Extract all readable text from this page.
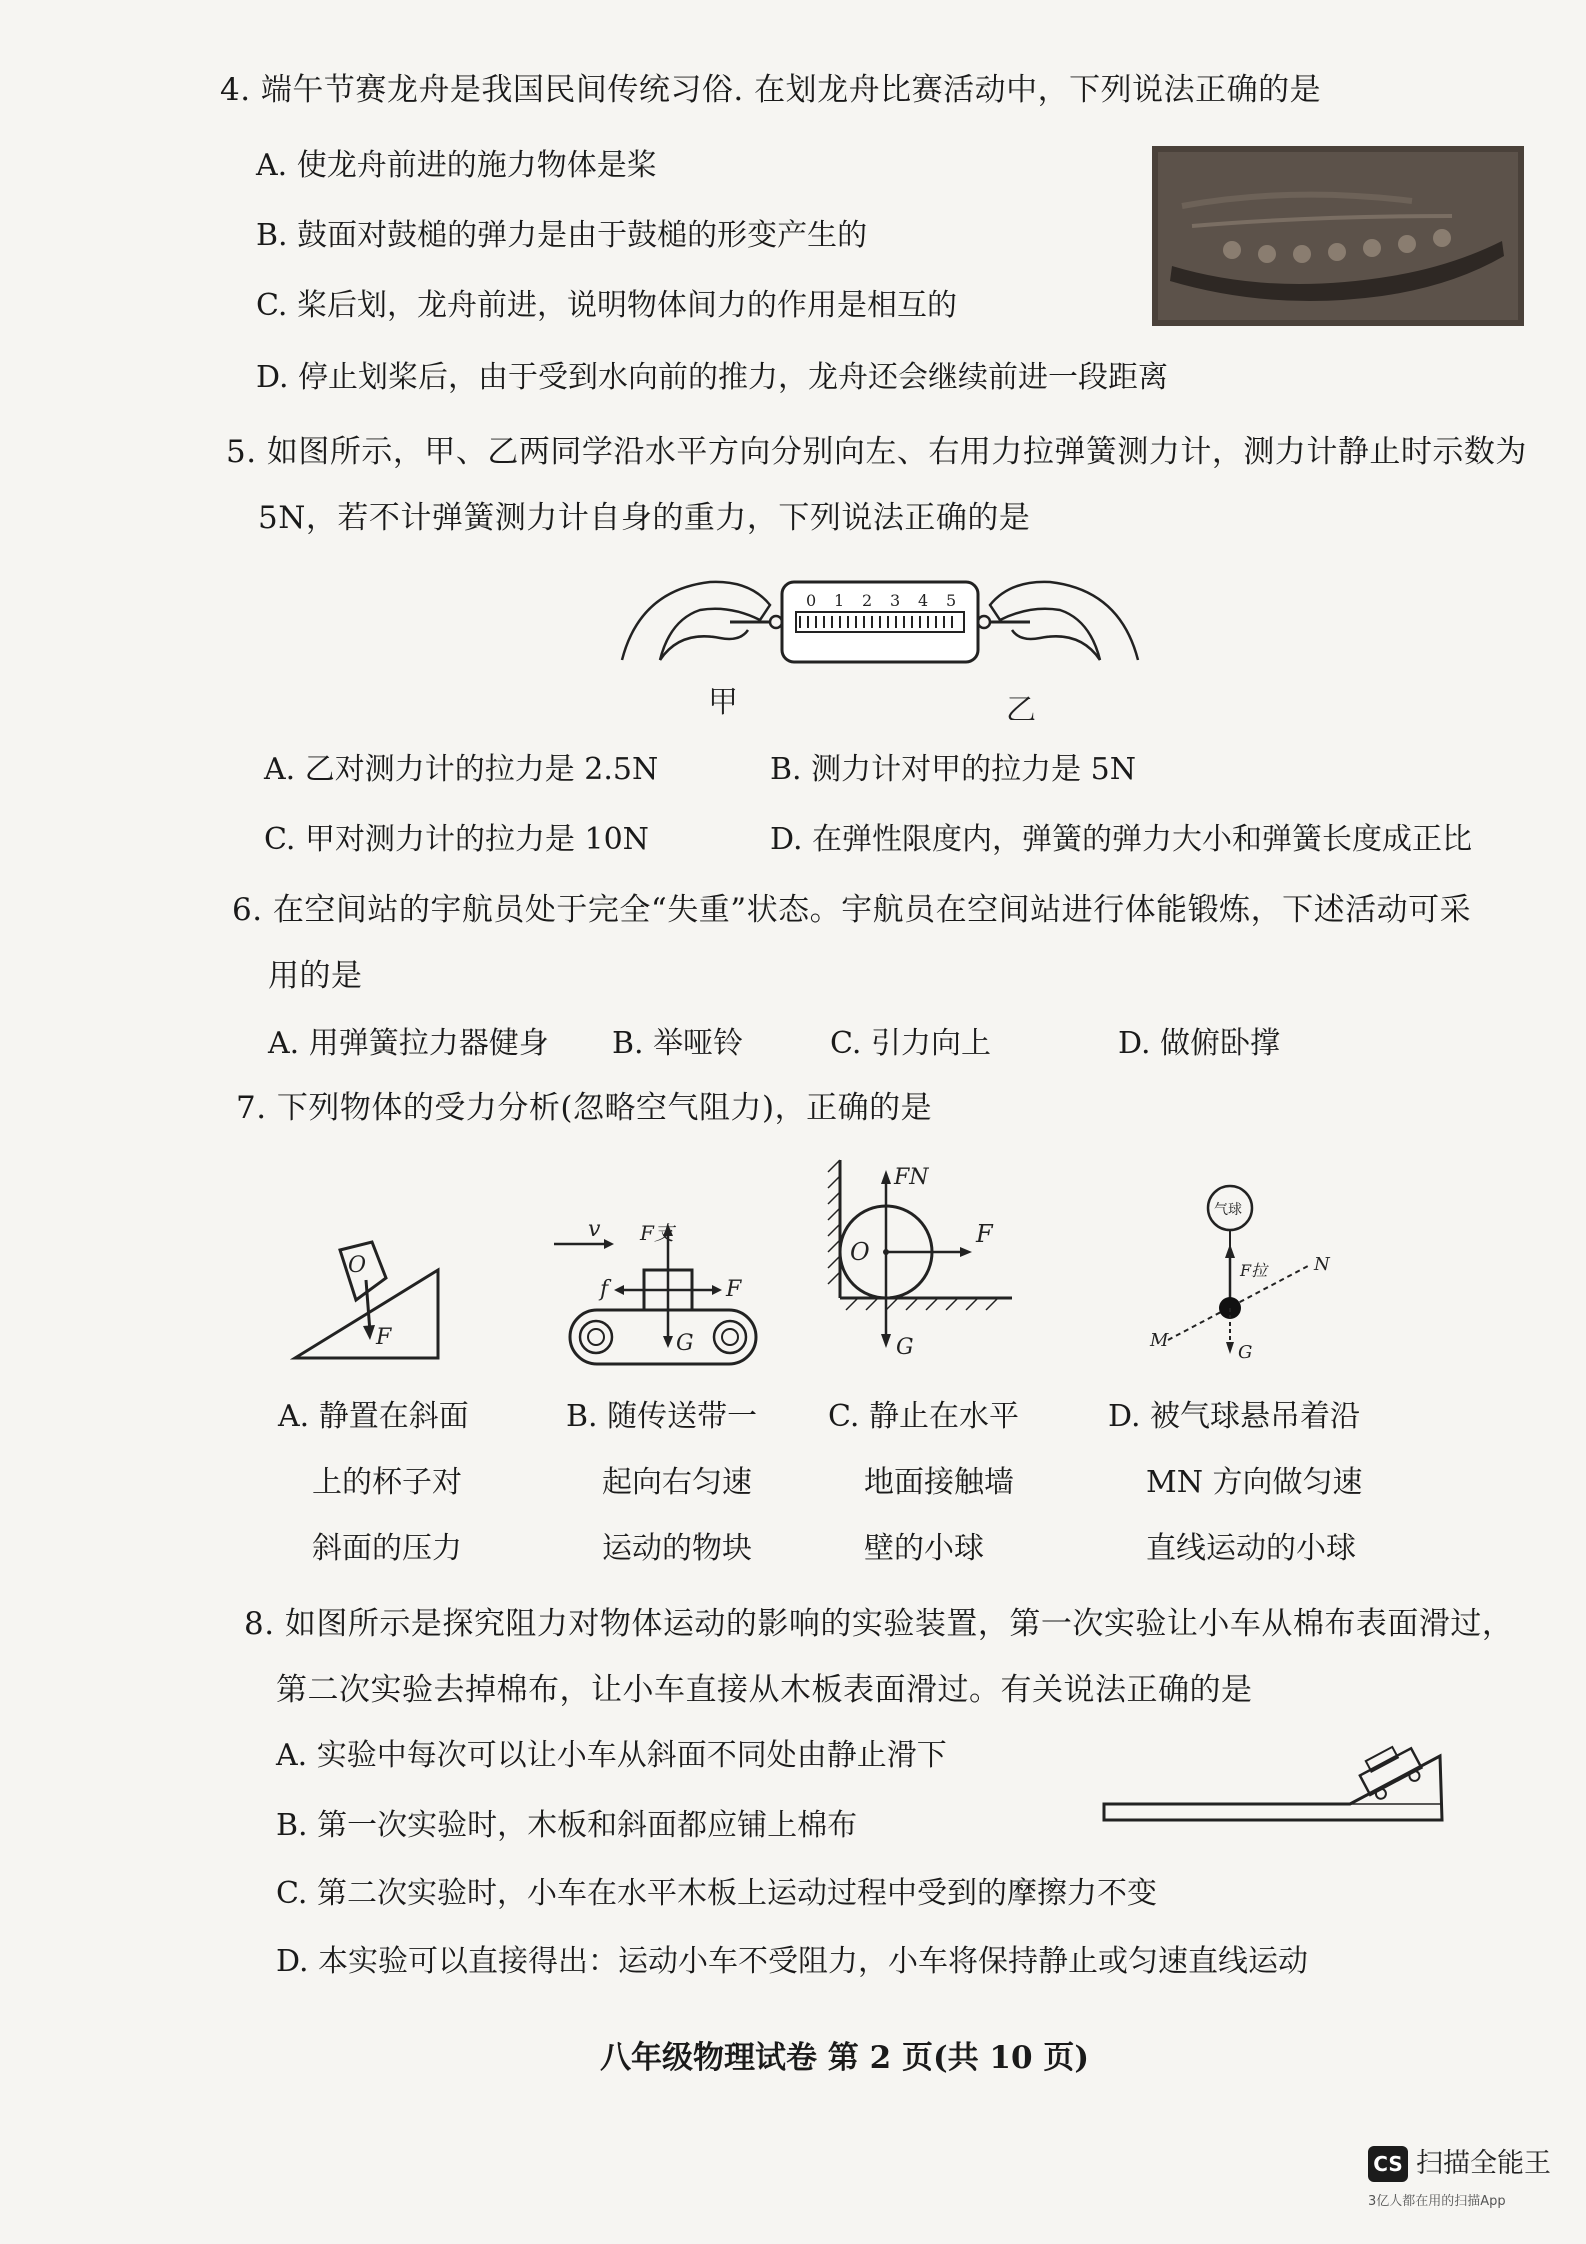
4. 端午节赛龙舟是我国民间传统习俗. 在划龙舟比赛活动中，下列说法正确的是
A. 使龙舟前进的施力物体是桨
B. 鼓面对鼓槌的弹力是由于鼓槌的形变产生的
C. 桨后划，龙舟前进，说明物体间力的作用是相互的
D. 停止划桨后，由于受到水向前的推力，龙舟还会继续前进一段距离
5. 如图所示，甲、乙两同学沿水平方向分别向左、右用力拉弹簧测力计，测力计静止时示数为
5N，若不计弹簧测力计自身的重力，下列说法正确的是
0 1 2 3 4 5
甲	乙
A. 乙对测力计的拉力是 2.5N	B. 测力计对甲的拉力是 5N
C. 甲对测力计的拉力是 10N	D. 在弹性限度内，弹簧的弹力大小和弹簧长度成正比
6. 在空间站的宇航员处于完全“失重”状态。宇航员在空间站进行体能锻炼，下述活动可采
用的是
A. 用弹簧拉力器健身 B. 举哑铃	C. 引力向上	D. 做俯卧撑
7. 下列物体的受力分析(忽略空气阻力)，正确的是
O
F
v F支
F
f
G
O
FN
F
G
气球
F拉	N
M
G
A. 静置在斜面
上的杯子对
斜面的压力
B. 随传送带一
起向右匀速
运动的物块
C. 静止在水平
地面接触墙
壁的小球
D. 被气球悬吊着沿
MN 方向做匀速
直线运动的小球
8. 如图所示是探究阻力对物体运动的影响的实验装置，第一次实验让小车从棉布表面滑过，
第二次实验去掉棉布，让小车直接从木板表面滑过。有关说法正确的是
A. 实验中每次可以让小车从斜面不同处由静止滑下
B. 第一次实验时，木板和斜面都应铺上棉布
C. 第二次实验时，小车在水平木板上运动过程中受到的摩擦力不变
D. 本实验可以直接得出：运动小车不受阻力，小车将保持静止或匀速直线运动
八年级物理试卷 第 2 页(共 10 页)
CS 扫描全能王
3亿人都在用的扫描App
